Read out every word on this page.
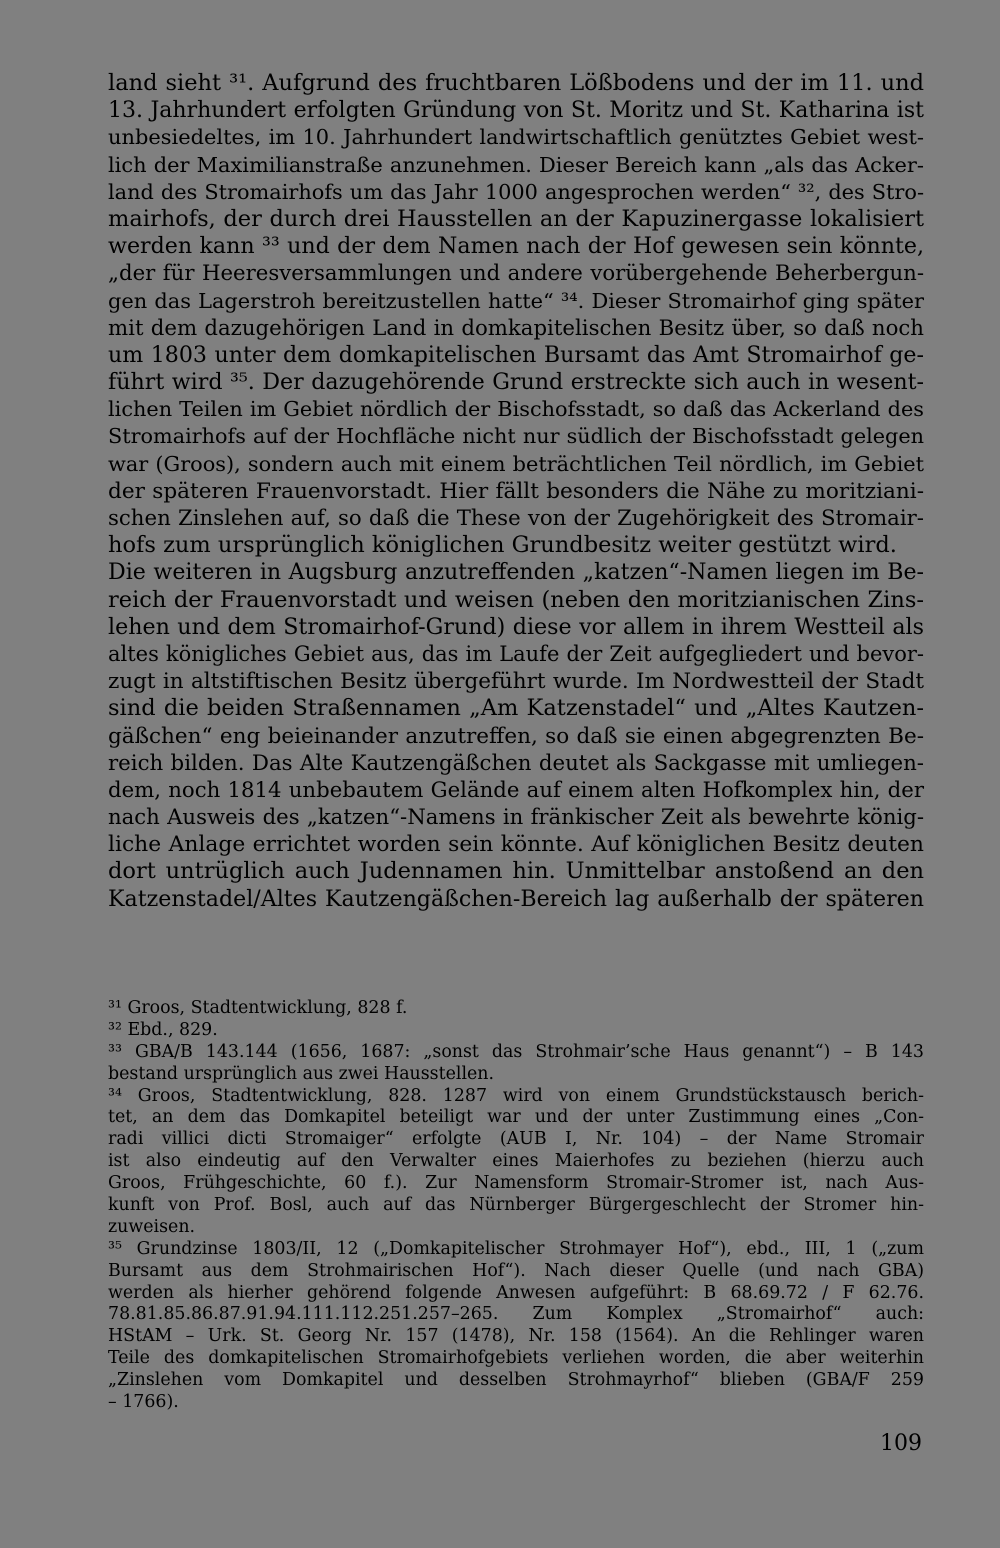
land sieht ³¹. Aufgrund des fruchtbaren Lößbodens und der im 11. und
13. Jahrhundert erfolgten Gründung von St. Moritz und St. Katharina ist
unbesiedeltes, im 10. Jahrhundert landwirtschaftlich genütztes Gebiet west-
lich der Maximilianstraße anzunehmen. Dieser Bereich kann „als das Acker-
land des Stromairhofs um das Jahr 1000 angesprochen werden“ ³², des Stro-
mairhofs, der durch drei Hausstellen an der Kapuzinergasse lokalisiert
werden kann ³³ und der dem Namen nach der Hof gewesen sein könnte,
„der für Heeresversammlungen und andere vorübergehende Beherbergun-
gen das Lagerstroh bereitzustellen hatte“ ³⁴. Dieser Stromairhof ging später
mit dem dazugehörigen Land in domkapitelischen Besitz über, so daß noch
um 1803 unter dem domkapitelischen Bursamt das Amt Stromairhof ge-
führt wird ³⁵. Der dazugehörende Grund erstreckte sich auch in wesent-
lichen Teilen im Gebiet nördlich der Bischofsstadt, so daß das Ackerland des
Stromairhofs auf der Hochfläche nicht nur südlich der Bischofsstadt gelegen
war (Groos), sondern auch mit einem beträchtlichen Teil nördlich, im Gebiet
der späteren Frauenvorstadt. Hier fällt besonders die Nähe zu moritziani-
schen Zinslehen auf, so daß die These von der Zugehörigkeit des Stromair-
hofs zum ursprünglich königlichen Grundbesitz weiter gestützt wird.
Die weiteren in Augsburg anzutreffenden „katzen“-Namen liegen im Be-
reich der Frauenvorstadt und weisen (neben den moritzianischen Zins-
lehen und dem Stromairhof-Grund) diese vor allem in ihrem Westteil als
altes königliches Gebiet aus, das im Laufe der Zeit aufgegliedert und bevor-
zugt in altstiftischen Besitz übergeführt wurde. Im Nordwestteil der Stadt
sind die beiden Straßennamen „Am Katzenstadel“ und „Altes Kautzen-
gäßchen“ eng beieinander anzutreffen, so daß sie einen abgegrenzten Be-
reich bilden. Das Alte Kautzengäßchen deutet als Sackgasse mit umliegen-
dem, noch 1814 unbebautem Gelände auf einem alten Hofkomplex hin, der
nach Ausweis des „katzen“-Namens in fränkischer Zeit als bewehrte könig-
liche Anlage errichtet worden sein könnte. Auf königlichen Besitz deuten
dort untrüglich auch Judennamen hin. Unmittelbar anstoßend an den
Katzenstadel/Altes Kautzengäßchen-Bereich lag außerhalb der späteren
³¹ Groos, Stadtentwicklung, 828 f.
³² Ebd., 829.
³³ GBA/B 143.144 (1656, 1687: „sonst das Strohmair’sche Haus genannt“) – B 143
bestand ursprünglich aus zwei Hausstellen.
³⁴ Groos, Stadtentwicklung, 828. 1287 wird von einem Grundstückstausch berich-
tet, an dem das Domkapitel beteiligt war und der unter Zustimmung eines „Con-
radi villici dicti Stromaiger“ erfolgte (AUB I, Nr. 104) – der Name Stromair
ist also eindeutig auf den Verwalter eines Maierhofes zu beziehen (hierzu auch
Groos, Frühgeschichte, 60 f.). Zur Namensform Stromair-Stromer ist, nach Aus-
kunft von Prof. Bosl, auch auf das Nürnberger Bürgergeschlecht der Stromer hin-
zuweisen.
³⁵ Grundzinse 1803/II, 12 („Domkapitelischer Strohmayer Hof“), ebd., III, 1 („zum
Bursamt aus dem Strohmairischen Hof“). Nach dieser Quelle (und nach GBA)
werden als hierher gehörend folgende Anwesen aufgeführt: B 68.69.72 / F 62.76.
78.81.85.86.87.91.94.111.112.251.257–265. Zum Komplex „Stromairhof“ auch:
HStAM – Urk. St. Georg Nr. 157 (1478), Nr. 158 (1564). An die Rehlinger waren
Teile des domkapitelischen Stromairhofgebiets verliehen worden, die aber weiterhin
„Zinslehen vom Domkapitel und desselben Strohmayrhof“ blieben (GBA/F 259
– 1766).
109
